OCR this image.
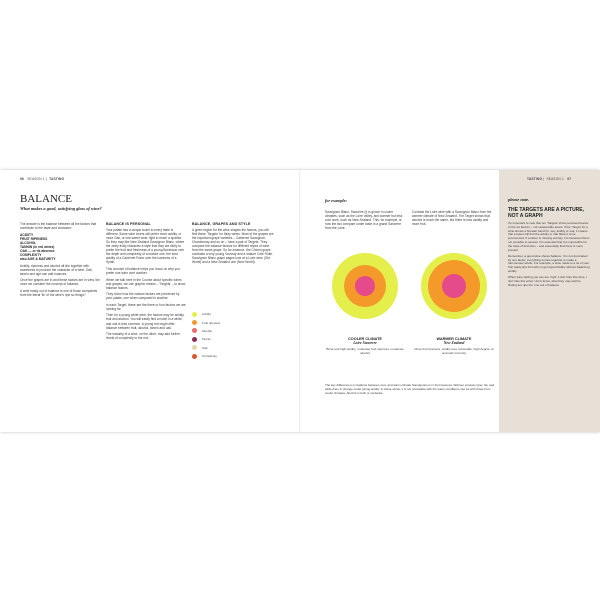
96 SEASON 1 |  TASTING
BALANCE
What makes a good, satisfying glass of wine?

The answer is the balance between all the factors that contribute to the taste and character:

ACIDITY
FRUIT RIPENESS
ALCOHOL
TANNIN (in red wines)
OAK — or its absence
COMPLEXITY
also AGE & MATURITY

Acidity, ripeness and alcohol all link together with sweetness to produce the character of a wine. Oak, tannin and age can add nuances.

Once the grapes are in and these factors are in view, the more we consider the concept of balance.

A wine easily out of balance is one of those complaints from the literal 'fix' of the wine's ripe so things?

BALANCE IS PERSONAL

Your palate has a unique touch to every taste is different. Some wine lovers will prefer more acidity, or more Oak, or use sweet wine, light to reach a sparkle. So they may like New Zealand Sauvignon Blanc, where the zesty fruity character a style that they are likely to prefer the fruit and freshness of a young Bordeaux over the depth and complexity of a mature one, the bold acidity of a Cabernet Franc over the lushness of a Syrah.

This concept of balance helps you focus on why you prefer one wine over another.

When we talk here in the Course about specific wines and grapes, we use graphic means – 'Targets' – to show balance factors.

They show how the various factors are perceived by your palate, one when compared to another.

In each Target, these are the three or four factors we are looking for.

Then for a young white wine, the factors may be acidity, fruit and alcohol. You will easily find a notch in a white, and oak is less common. A young red might offer balance between fruit, alcohol, tannin and oak.

The maturity of a wine, on the other, may add further levels of complexity to the mix.

BALANCE, GRAPES AND STYLE

A given region for the wine shapes the factors, you will find these 'Targets' for thirty wines. Most of the grapes are the important grape varieties – Cabernet Sauvignon, Chardonnay and so on – have a pair of Targets. They compare the balance factors for different styles of wine from the same grape. So for instance, the Chenin grape contrasts a very young Vouvray and a mature Côte Rotie. Sauvignon Blanc grape pages look at a Loire wine (Old World) and a New Zealand one (New World).

Acidity
Fruit ripeness
Alcohol
Tannin
Oak
Complexity
TASTING |  SEASON 1 97
for example:

Sauvignon Blanc: Sancerre (l) is grown in cooler climates, such as the Loire Valley, and warmer but less cool ones, such as New Zealand. This, for example, is how the two compare under taste in a grand Sancerre from the Loire.

Contrast the Loire wine with a Sauvignon Blanc from the warmer climate of New Zealand. The Target shows that alcohol is much the same, but there is less acidity and more fruit.

COOLER CLIMATE
Loire Sancerre
Brisk and high acidity, moderate fruit ripeness, moderate alcohol
WARMER CLIMATE
New Zealand
More fruit ripeness, acidity less noticeable, high degree of aromatic intensity

The key difference is in balance between cool- and warm-climate Sauvignons is in fruit ripeness. Warmer produce riper, fat, and adds them in change under giving acidity. In these wines, it is not noticeable with the warm-conditions see as with those from cooler climates. Alcohol in both is moderate.

please note.
THE TARGETS ARE A PICTURE, NOT A GRAPH

It's important to note that our 'Targets' show perceived levels of the six factors – not measurable levels. If the 'Target' for a wine shows a broader band for, say, acidity or oak, it means that a taster will find the acidity or oak flavour more pronounced. If a factor is missing entirely, it is because that is not possible to assess; it is essential that it is impossible for the taste of that wine – and essentially that there is none present.

Remember, a good wine shows balance. It is not dominated by one factor; everything comes together to make a harmonious whole. For example, a wine made to a lot of your fruit ready tips fruit will not get tipped flabby without balancing acidity.

When wine tasting you see are 'right' 1 don't like this wine, I don't like this wine! I don't know, what they may well be finding are ripe the 'one out of balance.
